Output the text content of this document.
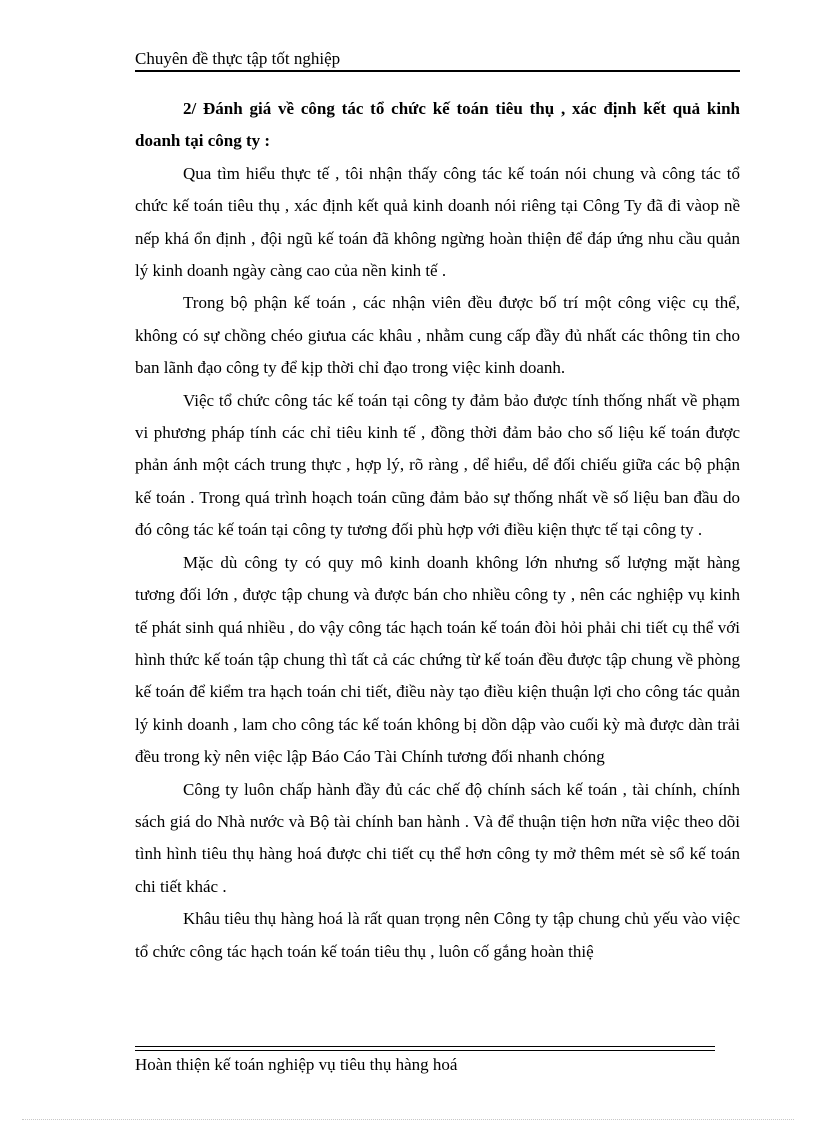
Chuyên đề thực tập tốt nghiệp

2/ Đánh giá về công tác tổ chức kế toán tiêu thụ , xác định kết quả kinh doanh tại công ty :

Qua tìm hiểu thực tế , tôi nhận thấy công tác kế toán nói chung và công tác tổ chức kế toán tiêu thụ , xác định kết quả kinh doanh nói riêng tại Công Ty đã đi vàop nề nếp khá ổn định , đội ngũ kế toán đã không ngừng hoàn thiện để đáp ứng nhu cầu quản lý kinh doanh ngày càng cao của nền kinh tế .

Trong bộ phận kế toán , các nhận viên đều được bố trí một công việc cụ thể, không có sự chồng chéo giưua các khâu , nhằm cung cấp đầy đủ nhất các thông tin cho ban lãnh đạo công ty để kịp thời chỉ đạo trong việc kinh doanh.

Việc tổ chức công tác kế toán tại công ty đảm bảo được tính thống nhất về phạm vi phương pháp tính các chỉ tiêu kinh tế , đồng thời đảm bảo cho số liệu kế toán được phản ánh một cách trung thực , hợp lý, rõ ràng , dể hiểu, dể đối chiếu giữa các bộ phận kế toán . Trong quá trình hoạch toán cũng đảm bảo sự thống nhất về số liệu ban đầu do đó công tác kế toán tại công ty tương đối phù hợp với điều kiện thực tế tại công ty .

Mặc dù công ty có quy mô kinh doanh không lớn nhưng số lượng mặt hàng tương đối lớn , được tập chung và được bán cho nhiều công ty , nên các nghiệp vụ kinh tế phát sinh quá nhiều , do vậy công tác hạch toán kế toán đòi hỏi phải chi tiết cụ thể với hình thức kế toán tập chung thì tất cả các chứng từ kế toán đều được tập chung về phòng kế toán để kiểm tra hạch toán chi tiết, điều này tạo điều kiện thuận lợi cho công tác quản lý kinh doanh , lam cho công tác kế toán không bị dồn dập vào cuối kỳ mà được dàn trải đều trong kỳ nên việc lập Báo Cáo Tài Chính tương đối nhanh chóng

Công ty luôn chấp hành đầy đủ các chế độ chính sách kế toán , tài chính, chính sách giá do Nhà nước và Bộ tài chính ban hành . Và để thuận tiện hơn nữa việc theo dõi tình hình tiêu thụ hàng hoá được chi tiết cụ thể hơn công ty mở thêm mét sè sổ kế toán chi tiết khác .

Khâu tiêu thụ hàng hoá là rất quan trọng nên Công ty tập chung chủ yếu vào việc tổ chức công tác hạch toán kế toán tiêu thụ , luôn cố gắng hoàn thiệ

Hoàn thiện kế toán nghiệp vụ tiêu thụ hàng hoá
